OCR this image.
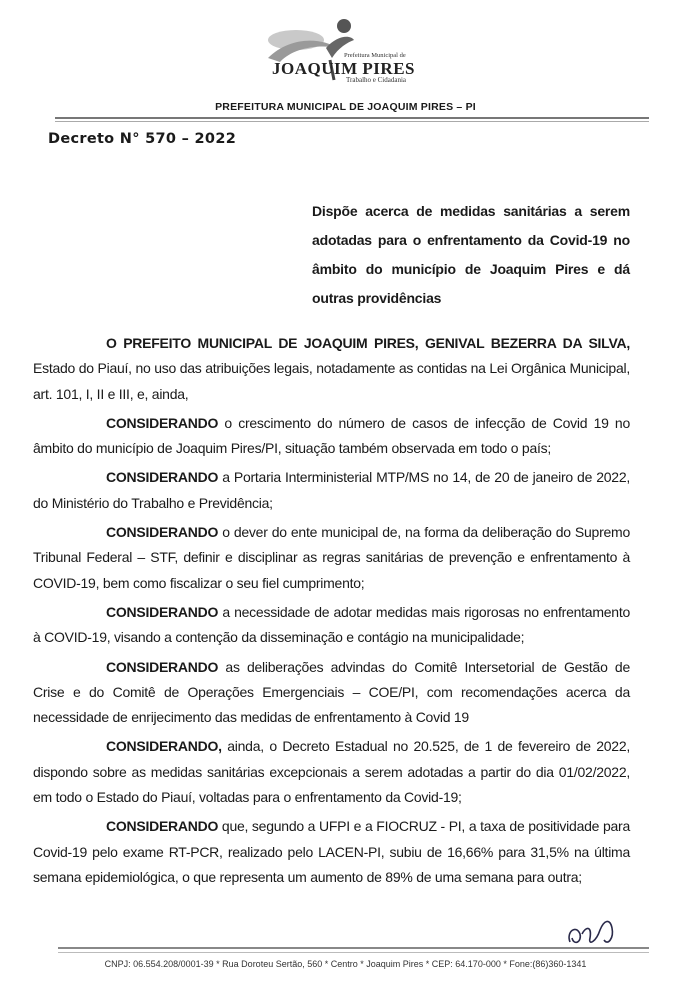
Prefeitura Municipal de
JOAQUIM PIRES
Trabalho e Cidadania
PREFEITURA MUNICIPAL DE JOAQUIM PIRES – PI
Decreto N° 570 – 2022
Dispõe acerca de medidas sanitárias a serem adotadas para o enfrentamento da Covid-19 no âmbito do município de Joaquim Pires e dá outras providências

O PREFEITO MUNICIPAL DE JOAQUIM PIRES, GENIVAL BEZERRA DA SILVA, Estado do Piauí, no uso das atribuições legais, notadamente as contidas na Lei Orgânica Municipal, art. 101, I, II e III, e, ainda,

CONSIDERANDO o crescimento do número de casos de infecção de Covid 19 no âmbito do município de Joaquim Pires/PI, situação também observada em todo o país;

CONSIDERANDO a Portaria Interministerial MTP/MS no 14, de 20 de janeiro de 2022, do Ministério do Trabalho e Previdência;

CONSIDERANDO o dever do ente municipal de, na forma da deliberação do Supremo Tribunal Federal – STF, definir e disciplinar as regras sanitárias de prevenção e enfrentamento à COVID-19, bem como fiscalizar o seu fiel cumprimento;

CONSIDERANDO a necessidade de adotar medidas mais rigorosas no enfrentamento à COVID-19, visando a contenção da disseminação e contágio na municipalidade;

CONSIDERANDO as deliberações advindas do Comitê Intersetorial de Gestão de Crise e do Comitê de Operações Emergenciais – COE/PI, com recomendações acerca da necessidade de enrijecimento das medidas de enfrentamento à Covid 19

CONSIDERANDO, ainda, o Decreto Estadual no 20.525, de 1 de fevereiro de 2022, dispondo sobre as medidas sanitárias excepcionais a serem adotadas a partir do dia 01/02/2022, em todo o Estado do Piauí, voltadas para o enfrentamento da Covid-19;

CONSIDERANDO que, segundo a UFPI e a FIOCRUZ - PI, a taxa de positividade para Covid-19 pelo exame RT-PCR, realizado pelo LACEN-PI, subiu de 16,66% para 31,5% na última semana epidemiológica, o que representa um aumento de 89% de uma semana para outra;

CNPJ: 06.554.208/0001-39 * Rua Doroteu Sertão, 560 * Centro * Joaquim Pires * CEP: 64.170-000 * Fone:(86)360-1341
